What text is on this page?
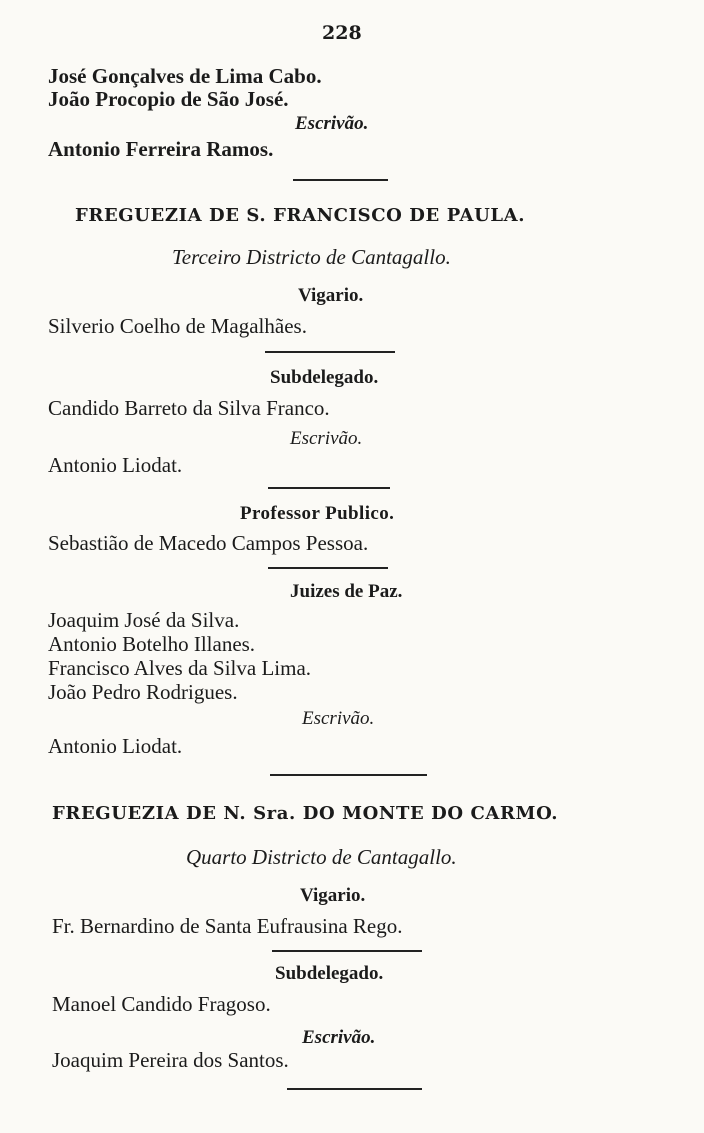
228
José Gonçalves de Lima Cabo.
João Procopio de São José.
Escrivão.
Antonio Ferreira Ramos.
FREGUEZIA DE S. FRANCISCO DE PAULA.
Terceiro Districto de Cantagallo.
Vigario.
Silverio Coelho de Magalhães.
Subdelegado.
Candido Barreto da Silva Franco.
Escrivão.
Antonio Liodat.
Professor Publico.
Sebastião de Macedo Campos Pessoa.
Juizes de Paz.
Joaquim José da Silva.
Antonio Botelho Illanes.
Francisco Alves da Silva Lima.
João Pedro Rodrigues.
Escrivão.
Antonio Liodat.
FREGUEZIA DE N. Sra. DO MONTE DO CARMO.
Quarto Districto de Cantagallo.
Vigario.
Fr. Bernardino de Santa Eufrausina Rego.
Subdelegado.
Manoel Candido Fragoso.
Escrivão.
Joaquim Pereira dos Santos.
